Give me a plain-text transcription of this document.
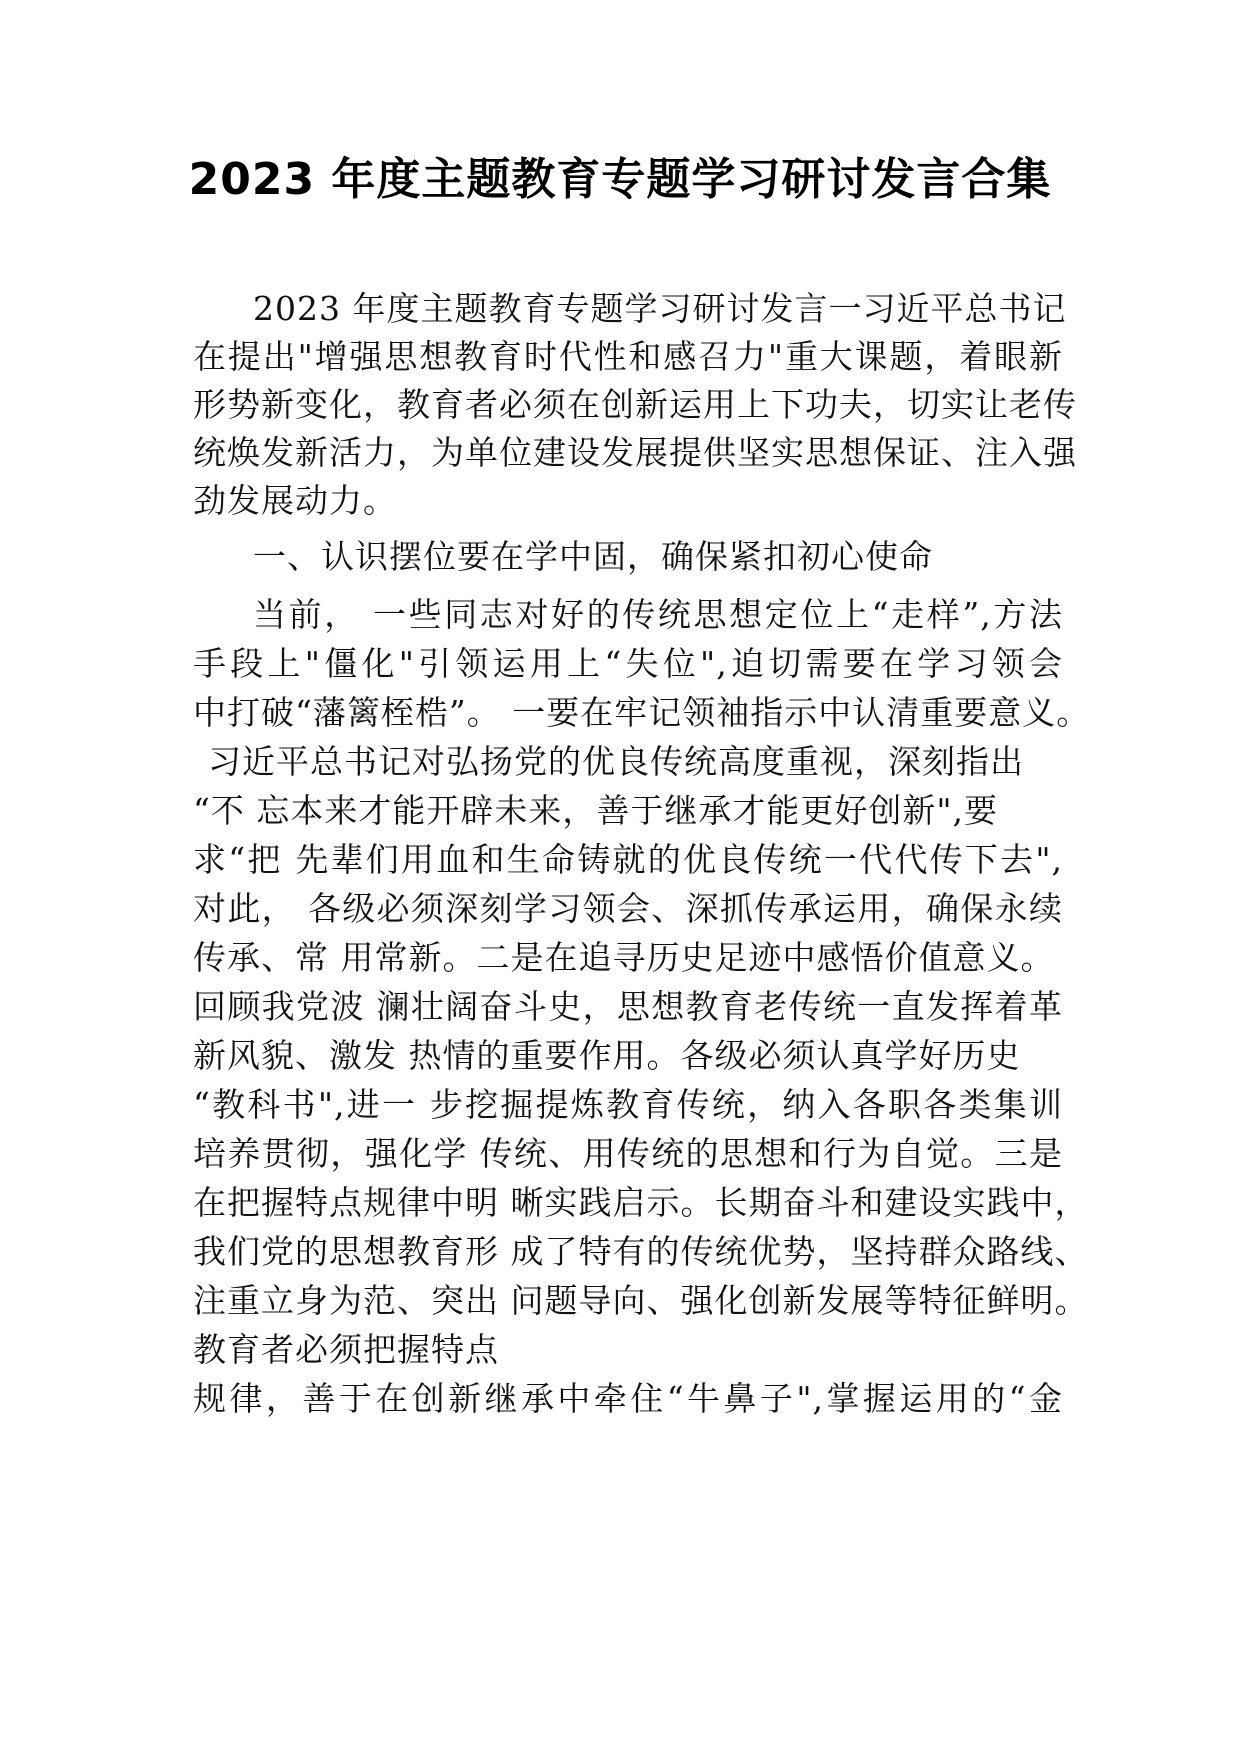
2023 年度主题教育专题学习研讨发言合集
2023 年度主题教育专题学习研讨发言一习近平总书记
在提出"增强思想教育时代性和感召力"重大课题，着眼新
形势新变化，教育者必须在创新运用上下功夫，切实让老传
统焕发新活力，为单位建设发展提供坚实思想保证、注入强
劲发展动力。
一、认识摆位要在学中固，确保紧扣初心使命
当前， 一些同志对好的传统思想定位上“走样”,方法
手段上"僵化"引领运用上“失位",迫切需要在学习领会
中打破“藩篱桎梏”。 一要在牢记领袖指示中认清重要意义。
习近平总书记对弘扬党的优良传统高度重视，深刻指出
“不 忘本来才能开辟未来，善于继承才能更好创新",要
求“把 先辈们用血和生命铸就的优良传统一代代传下去",
对此， 各级必须深刻学习领会、深抓传承运用，确保永续
传承、常 用常新。二是在追寻历史足迹中感悟价值意义。
回顾我党波 澜壮阔奋斗史，思想教育老传统一直发挥着革
新风貌、激发 热情的重要作用。各级必须认真学好历史
“教科书",进一 步挖掘提炼教育传统，纳入各职各类集训
培养贯彻，强化学 传统、用传统的思想和行为自觉。三是
在把握特点规律中明 晰实践启示。长期奋斗和建设实践中，
我们党的思想教育形 成了特有的传统优势，坚持群众路线、
注重立身为范、突出 问题导向、强化创新发展等特征鲜明。
教育者必须把握特点
规律，善于在创新继承中牵住“牛鼻子",掌握运用的“金
